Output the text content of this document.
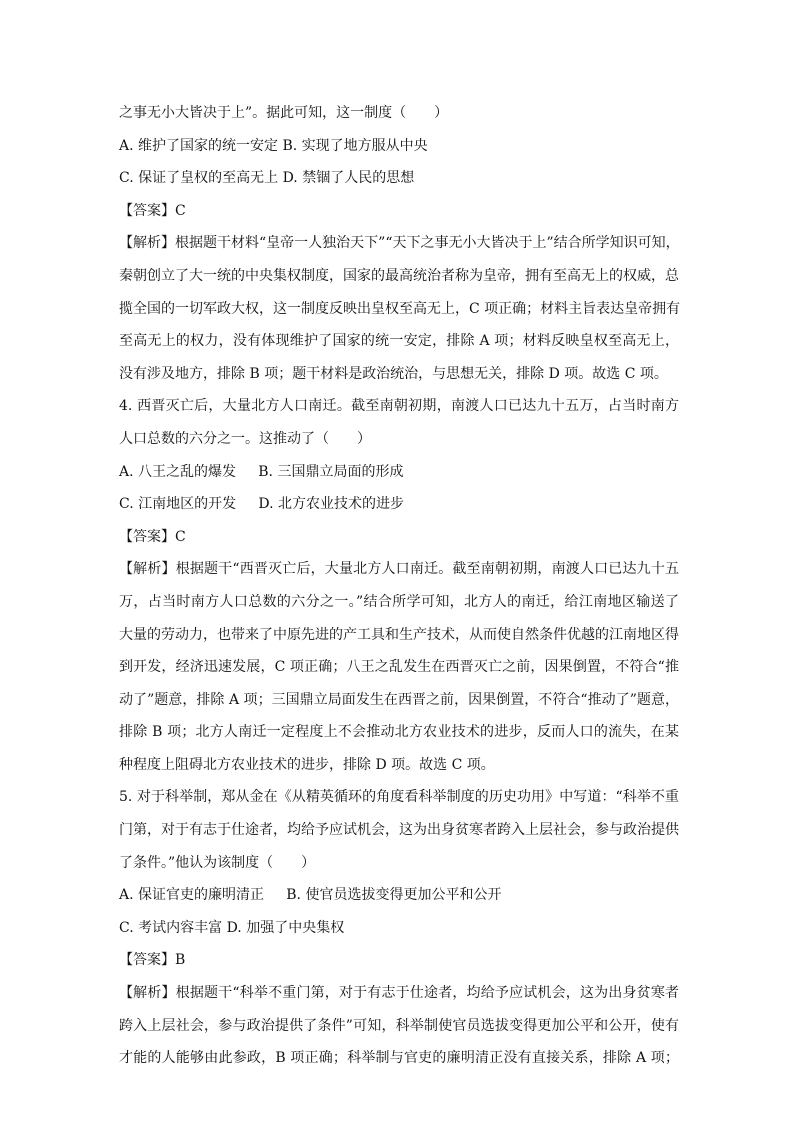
之事无小大皆决于上”。据此可知，这一制度（　　）
A. 维护了国家的统一安定 B. 实现了地方服从中央
C. 保证了皇权的至高无上 D. 禁锢了人民的思想
【答案】C
【解析】根据题干材料“皇帝一人独治天下”“天下之事无小大皆决于上”结合所学知识可知，
秦朝创立了大一统的中央集权制度，国家的最高统治者称为皇帝，拥有至高无上的权威，总
揽全国的一切军政大权，这一制度反映出皇权至高无上，C 项正确；材料主旨表达皇帝拥有
至高无上的权力，没有体现维护了国家的统一安定，排除 A 项；材料反映皇权至高无上，
没有涉及地方，排除 B 项；题干材料是政治统治，与思想无关，排除 D 项。故选 C 项。
4. 西晋灭亡后，大量北方人口南迁。截至南朝初期，南渡人口已达九十五万，占当时南方
人口总数的六分之一。这推动了（　　）
A. 八王之乱的爆发     B. 三国鼎立局面的形成
C. 江南地区的开发     D. 北方农业技术的进步
【答案】C
【解析】根据题干“西晋灭亡后，大量北方人口南迁。截至南朝初期，南渡人口已达九十五
万，占当时南方人口总数的六分之一。”结合所学可知，北方人的南迁，给江南地区输送了
大量的劳动力，也带来了中原先进的产工具和生产技术，从而使自然条件优越的江南地区得
到开发，经济迅速发展，C 项正确；八王之乱发生在西晋灭亡之前，因果倒置，不符合“推
动了”题意，排除 A 项；三国鼎立局面发生在西晋之前，因果倒置，不符合“推动了”题意，
排除 B 项；北方人南迁一定程度上不会推动北方农业技术的进步，反而人口的流失，在某
种程度上阻碍北方农业技术的进步，排除 D 项。故选 C 项。
5. 对于科举制，郑从金在《从精英循环的角度看科举制度的历史功用》中写道：“科举不重
门第，对于有志于仕途者，均给予应试机会，这为出身贫寒者跨入上层社会，参与政治提供
了条件。”他认为该制度（　　）
A. 保证官吏的廉明清正     B. 使官员选拔变得更加公平和公开
C. 考试内容丰富 D. 加强了中央集权
【答案】B
【解析】根据题干“科举不重门第，对于有志于仕途者，均给予应试机会，这为出身贫寒者
跨入上层社会，参与政治提供了条件”可知，科举制使官员选拔变得更加公平和公开，使有
才能的人能够由此参政，B 项正确；科举制与官吏的廉明清正没有直接关系，排除 A 项；
